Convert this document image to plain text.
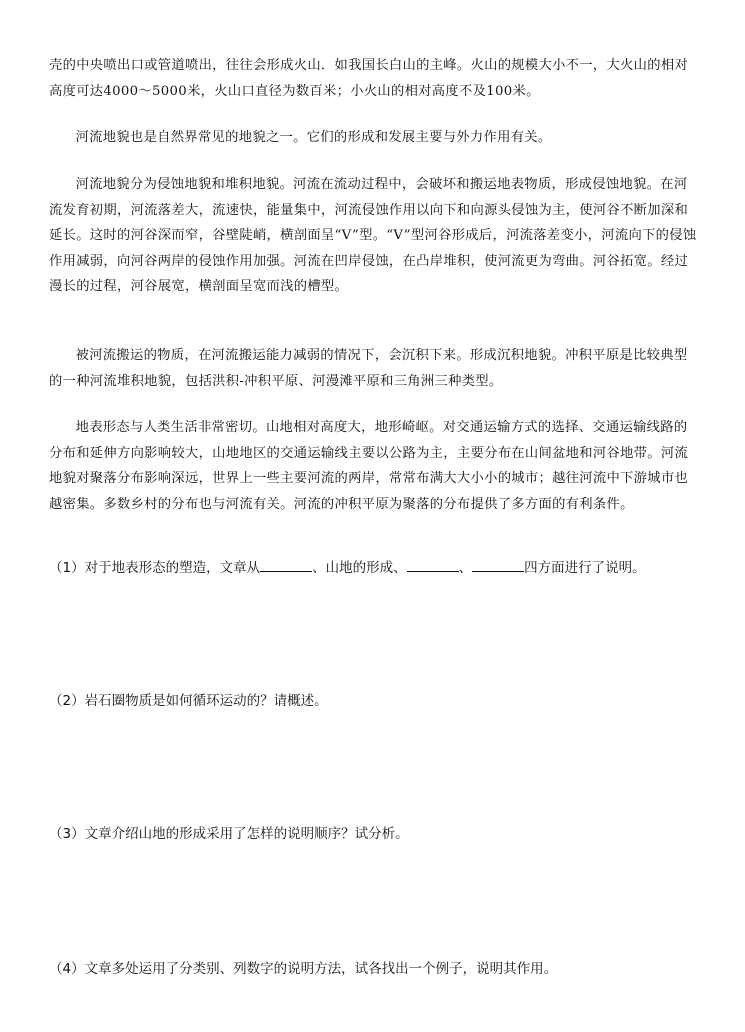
壳的中央喷出口或管道喷出，往往会形成火山．如我国长白山的主峰。火山的规模大小不一，大火山的相对高度可达4000～5000米，火山口直径为数百米；小火山的相对高度不及100米。
河流地貌也是自然界常见的地貌之一。它们的形成和发展主要与外力作用有关。
河流地貌分为侵蚀地貌和堆积地貌。河流在流动过程中，会破坏和搬运地表物质，形成侵蚀地貌。在河流发育初期，河流落差大，流速快，能量集中，河流侵蚀作用以向下和向源头侵蚀为主，使河谷不断加深和延长。这时的河谷深而窄，谷壁陡峭，横剖面呈“V”型。“V”型河谷形成后，河流落差变小，河流向下的侵蚀作用减弱，向河谷两岸的侵蚀作用加强。河流在凹岸侵蚀，在凸岸堆积，使河流更为弯曲。河谷拓宽。经过漫长的过程，河谷展宽，横剖面呈宽而浅的槽型。
被河流搬运的物质，在河流搬运能力减弱的情况下，会沉积下来。形成沉积地貌。冲积平原是比较典型的一种河流堆积地貌，包括洪积-冲积平原、河漫滩平原和三角洲三种类型。
地表形态与人类生活非常密切。山地相对高度大，地形崎岖。对交通运输方式的选择、交通运输线路的分布和延伸方向影响较大，山地地区的交通运输线主要以公路为主，主要分布在山间盆地和河谷地带。河流地貌对聚落分布影响深远，世界上一些主要河流的两岸，常常布满大大小小的城市；越往河流中下游城市也越密集。多数乡村的分布也与河流有关。河流的冲积平原为聚落的分布提供了多方面的有利条件。
（1）对于地表形态的塑造，文章从	、山地的形成、	、	四方面进行了说明。
（2）岩石圈物质是如何循环运动的？请概述。
（3）文章介绍山地的形成采用了怎样的说明顺序？试分析。
（4）文章多处运用了分类别、列数字的说明方法，试各找出一个例子，说明其作用。
